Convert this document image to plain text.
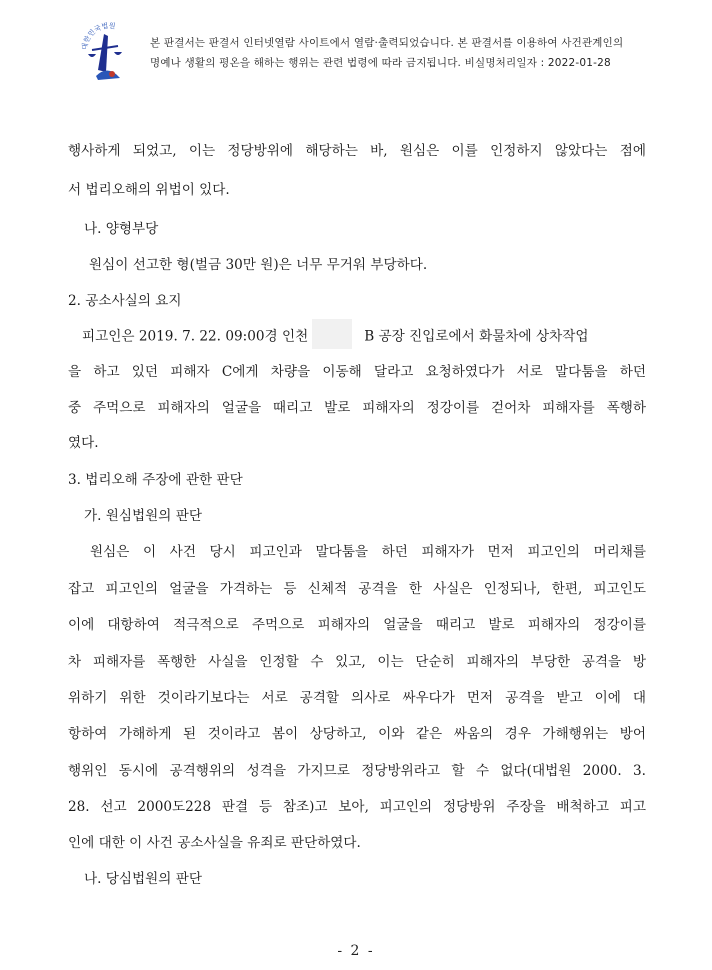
대한민국법원
본 판결서는 판결서 인터넷열람 사이트에서 열람·출력되었습니다. 본 판결서를 이용하여 사건관계인의
명예나 생활의 평온을 해하는 행위는 관련 법령에 따라 금지됩니다. 비실명처리일자 : 2022-01-28
행사하게 되었고, 이는 정당방위에 해당하는 바, 원심은 이를 인정하지 않았다는 점에
서 법리오해의 위법이 있다.
나. 양형부당
원심이 선고한 형(벌금 30만 원)은 너무 무거워 부당하다.
2. 공소사실의 요지
피고인은 2019. 7. 22. 09:00경 인천	B 공장 진입로에서 화물차에 상차작업
을 하고 있던 피해자 C에게 차량을 이동해 달라고 요청하였다가 서로 말다툼을 하던
중 주먹으로 피해자의 얼굴을 때리고 발로 피해자의 정강이를 걷어차 피해자를 폭행하
였다.
3. 법리오해 주장에 관한 판단
가. 원심법원의 판단
원심은 이 사건 당시 피고인과 말다툼을 하던 피해자가 먼저 피고인의 머리채를
잡고 피고인의 얼굴을 가격하는 등 신체적 공격을 한 사실은 인정되나, 한편, 피고인도
이에 대항하여 적극적으로 주먹으로 피해자의 얼굴을 때리고 발로 피해자의 정강이를
차 피해자를 폭행한 사실을 인정할 수 있고, 이는 단순히 피해자의 부당한 공격을 방
위하기 위한 것이라기보다는 서로 공격할 의사로 싸우다가 먼저 공격을 받고 이에 대
항하여 가해하게 된 것이라고 봄이 상당하고, 이와 같은 싸움의 경우 가해행위는 방어
행위인 동시에 공격행위의 성격을 가지므로 정당방위라고 할 수 없다(대법원 2000. 3.
28. 선고 2000도228 판결 등 참조)고 보아, 피고인의 정당방위 주장을 배척하고 피고
인에 대한 이 사건 공소사실을 유죄로 판단하였다.
나. 당심법원의 판단
- 2 -
